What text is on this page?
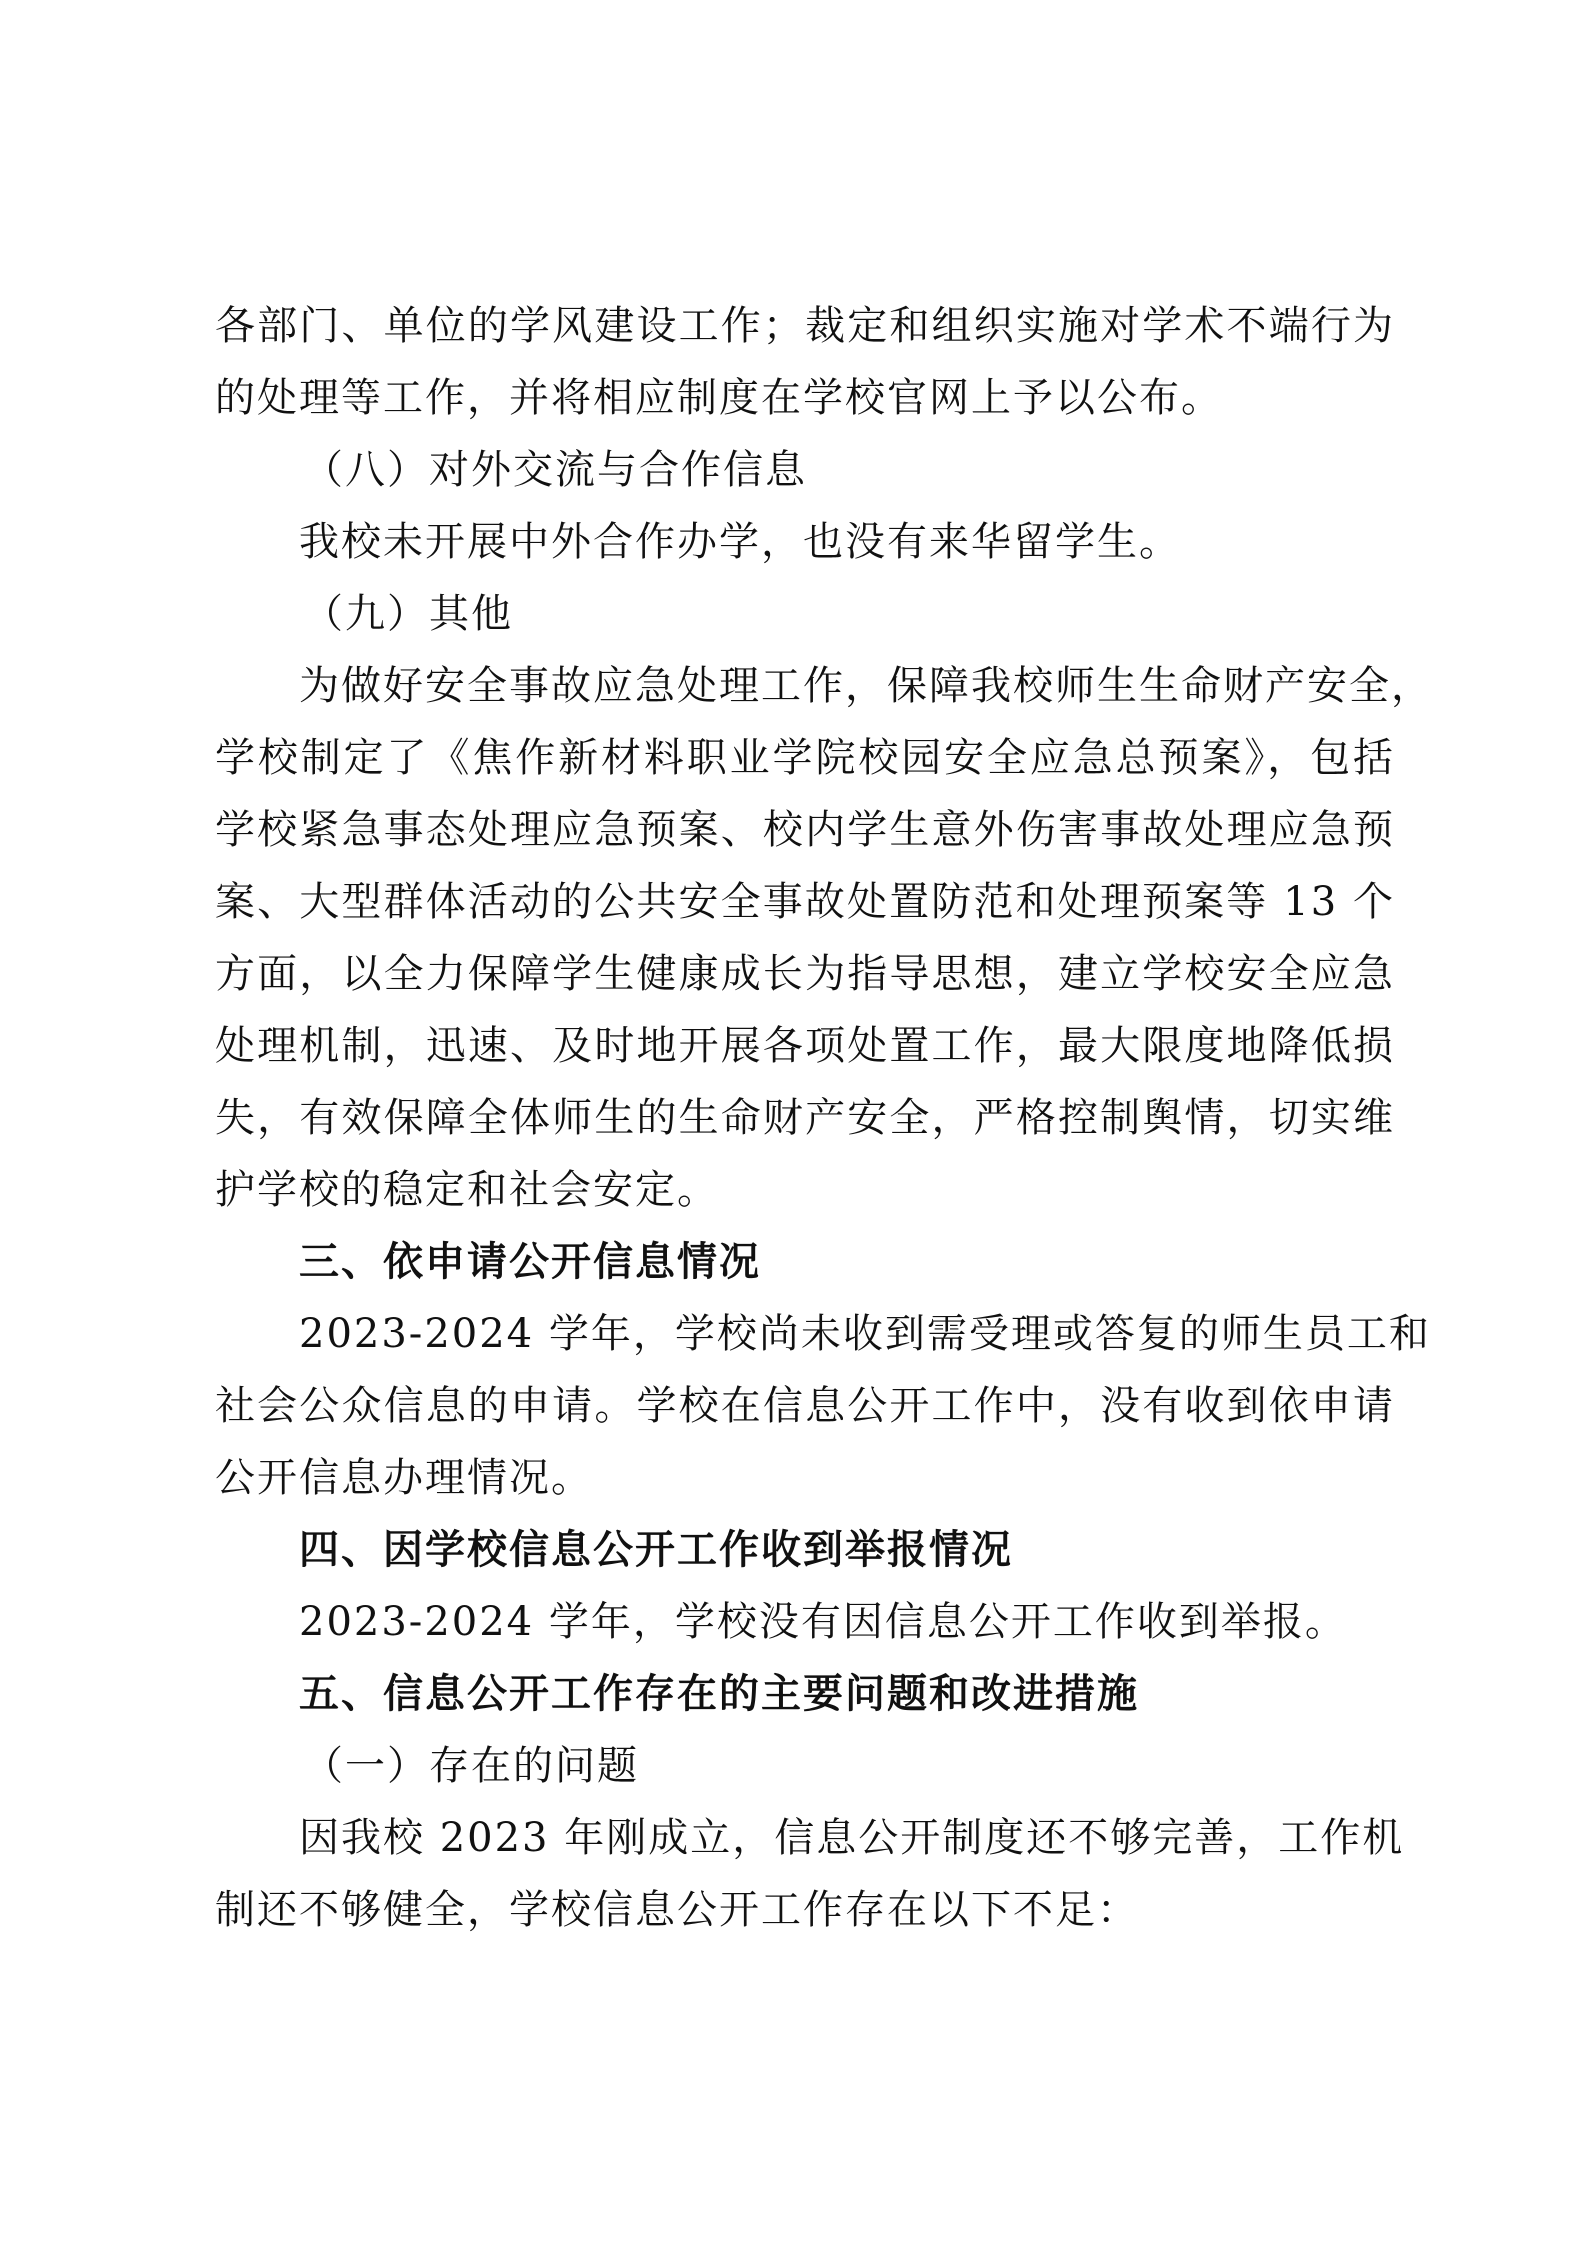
各部门、单位的学风建设工作；裁定和组织实施对学术不端行为
的处理等工作，并将相应制度在学校官网上予以公布。
（八）对外交流与合作信息
我校未开展中外合作办学，也没有来华留学生。
（九）其他
为做好安全事故应急处理工作，保障我校师生生命财产安全，
学校制定了《焦作新材料职业学院校园安全应急总预案》，包括
学校紧急事态处理应急预案、校内学生意外伤害事故处理应急预
案、大型群体活动的公共安全事故处置防范和处理预案等 13 个
方面，以全力保障学生健康成长为指导思想，建立学校安全应急
处理机制，迅速、及时地开展各项处置工作，最大限度地降低损
失，有效保障全体师生的生命财产安全，严格控制舆情，切实维
护学校的稳定和社会安定。
三、依申请公开信息情况
2023-2024 学年，学校尚未收到需受理或答复的师生员工和
社会公众信息的申请。学校在信息公开工作中，没有收到依申请
公开信息办理情况。
四、因学校信息公开工作收到举报情况
2023-2024 学年，学校没有因信息公开工作收到举报。
五、信息公开工作存在的主要问题和改进措施
（一）存在的问题
因我校 2023 年刚成立，信息公开制度还不够完善，工作机
制还不够健全，学校信息公开工作存在以下不足：
